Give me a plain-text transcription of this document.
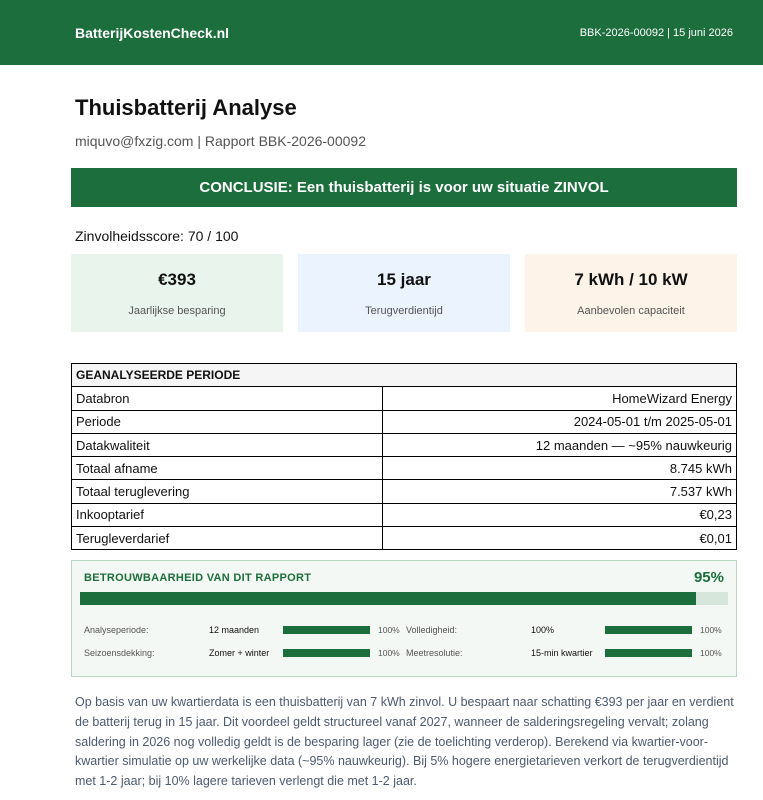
BatterijKostenCheck.nl	BBK-2026-00092 | 15 juni 2026
Thuisbatterij Analyse
miquvo@fxzig.com | Rapport BBK-2026-00092
CONCLUSIE: Een thuisbatterij is voor uw situatie ZINVOL
Zinvolheidsscore: 70 / 100
€393
Jaarlijkse besparing
15 jaar
Terugverdientijd
7 kWh / 10 kW
Aanbevolen capaciteit
GEANALYSEERDE PERIODE	
Databron	HomeWizard Energy
Periode	2024-05-01 t/m 2025-05-01
Datakwaliteit	12 maanden — ~95% nauwkeurig
Totaal afname	8.745 kWh
Totaal teruglevering	7.537 kWh
Inkooptarief	€0,23
Terugleverdarief	€0,01
BETROUWBAARHEID VAN DIT RAPPORT	95%
Analyseperiode:	12 maanden	100% Volledigheid:	100%	100%
Seizoensdekking:	Zomer + winter	100% Meetresolutie:	15-min kwartier	100%

Op basis van uw kwartierdata is een thuisbatterij van 7 kWh zinvol. U bespaart naar schatting €393 per jaar en verdient de batterij terug in 15 jaar. Dit voordeel geldt structureel vanaf 2027, wanneer de salderingsregeling vervalt; zolang saldering in 2026 nog volledig geldt is de besparing lager (zie de toelichting verderop). Berekend via kwartier-voor-kwartier simulatie op uw werkelijke data (~95% nauwkeurig). Bij 5% hogere energietarieven verkort de terugverdientijd met 1-2 jaar; bij 10% lagere tarieven verlengt die met 1-2 jaar.
